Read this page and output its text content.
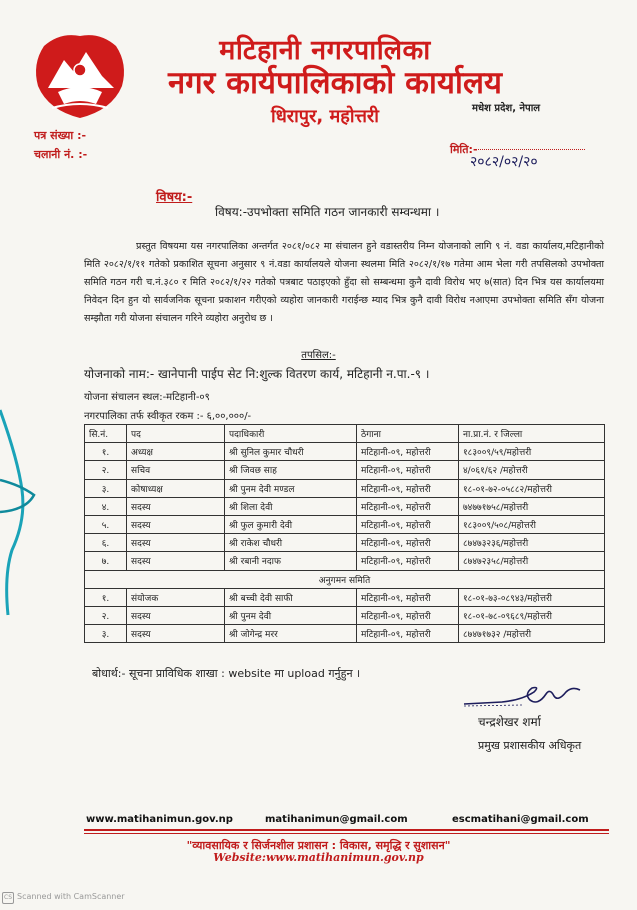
मटिहानी नगरपालिका
नगर कार्यपालिकाको कार्यालय
धिरापुर, महोत्तरी	मधेश प्रदेश, नेपाल
पत्र संख्या :-
चलानी नं. :-	मिति:-
२०८२/०२/२०
विषय:-
विषय:-उपभोक्ता समिति गठन जानकारी सम्वन्धमा ।
प्रस्तुत विषयमा यस नगरपालिका अन्तर्गत २०८१/०८२ मा संचालन हुने वडास्तरीय निम्न योजनाको लागि ९ नं. वडा कार्यालय,मटिहानीको मिति २०८२/१/११ गतेको प्रकाशित सूचना अनुसार ९ नं.वडा कार्यालयले योजना स्थलमा मिति २०८२/१/१७ गतेमा आम भेला गरी तपसिलको उपभोक्ता समिति गठन गरी च.नं.३८० र मिति २०८२/१/२२ गतेको पत्रबाट पठाइएको हुँदा सो सम्बन्धमा कुनै दावी विरोध भए ७(सात) दिन भित्र यस कार्यालयमा निवेदन दिन हुन यो सार्वजनिक सूचना प्रकाशन गरीएको व्यहोरा जानकारी गराईन्छ म्याद भित्र कुनै दावी विरोध नआएमा उपभोक्ता समिति सँग योजना सम्झौता गरी योजना संचालन गरिने व्यहोरा अनुरोध छ ।
तपसिल:-
योजनाको नाम:- खानेपानी पाईप सेट नि:शुल्क वितरण कार्य, मटिहानी न.पा.-९ ।
योजना संचालन स्थल:-मटिहानी-०९
नगरपालिका तर्फ स्वीकृत रकम :- ६,००,०००/-
सि.नं.	पद	पदाधिकारी	ठेगाना	ना.प्रा.नं. र जिल्ला
१.	अध्यक्ष	श्री सुनिल कुमार चौधरी	मटिहानी-०९, महोत्तरी	१८३००९/५९/महोत्तरी
२.	सचिव	श्री जिवछ साह	मटिहानी-०९, महोत्तरी	४/०६१/६२ /महोत्तरी
३.	कोषाध्यक्ष	श्री पुनम देवी मण्डल	मटिहानी-०९, महोत्तरी	१८-०१-७२-०५८८२/महोत्तरी
४.	सदस्य	श्री शिला देवी	मटिहानी-०९, महोत्तरी	७४७७१७५८/महोत्तरी
५.	सदस्य	श्री फुल कुमारी देवी	मटिहानी-०९, महोत्तरी	१८३००९/५०८/महोत्तरी
६.	सदस्य	श्री राकेश चौधरी	मटिहानी-०९, महोत्तरी	८७४७३२३६/महोत्तरी
७.	सदस्य	श्री रबानी नदाफ	मटिहानी-०९, महोत्तरी	८७४७२३५८/महोत्तरी
अनुगमन समिति				
१.	संयोजक	श्री बच्ची देवी साफी	मटिहानी-०९, महोत्तरी	१८-०१-७३-०८९४३/महोत्तरी
२.	सदस्य	श्री पुनम देवी	मटिहानी-०९, महोत्तरी	१८-०१-७८-०९६८९/महोत्तरी
३.	सदस्य	श्री जोगेन्द्र मरर	मटिहानी-०९, महोत्तरी	८७४७१७३२ /महोत्तरी
बोधार्थ:- सूचना प्राविधिक शाखा : website मा upload गर्नुहुन ।
चन्द्रशेखर शर्मा
प्रमुख प्रशासकीय अधिकृत
www.matihanimun.gov.np	matihanimun@gmail.com	escmatihani@gmail.com
"व्यावसायिक र सिर्जनशील प्रशासन : विकास, समृद्धि र सुशासन"
Website:www.matihanimun.gov.np
CS Scanned with CamScanner
